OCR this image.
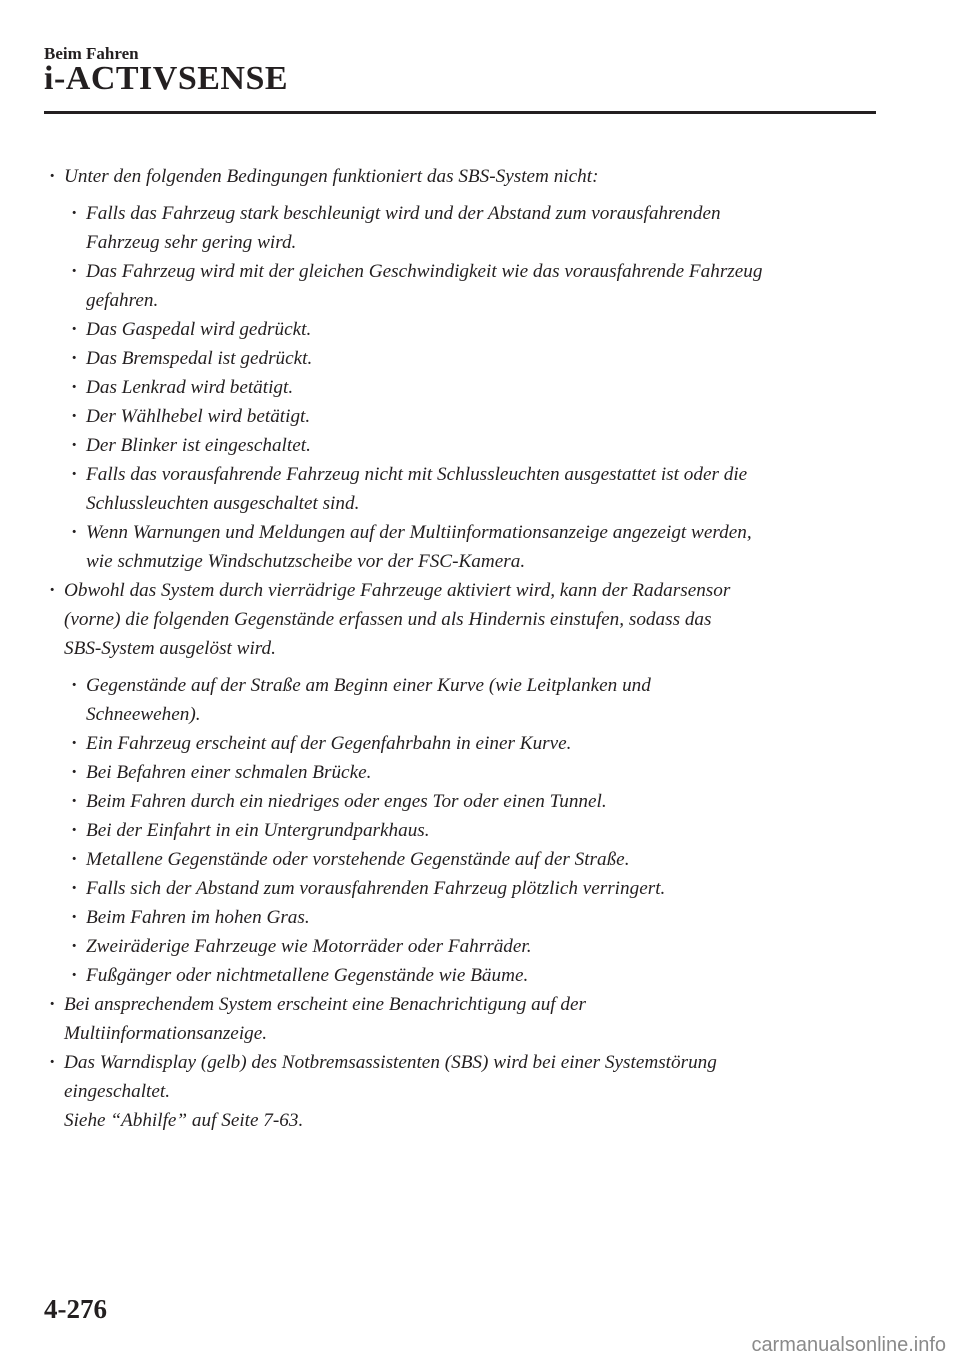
Beim Fahren
i-ACTIVSENSE
· Unter den folgenden Bedingungen funktioniert das SBS-System nicht:
· Falls das Fahrzeug stark beschleunigt wird und der Abstand zum vorausfahrenden
Fahrzeug sehr gering wird.
· Das Fahrzeug wird mit der gleichen Geschwindigkeit wie das vorausfahrende Fahrzeug
gefahren.
· Das Gaspedal wird gedrückt.
· Das Bremspedal ist gedrückt.
· Das Lenkrad wird betätigt.
· Der Wählhebel wird betätigt.
· Der Blinker ist eingeschaltet.
· Falls das vorausfahrende Fahrzeug nicht mit Schlussleuchten ausgestattet ist oder die
Schlussleuchten ausgeschaltet sind.
· Wenn Warnungen und Meldungen auf der Multiinformationsanzeige angezeigt werden,
wie schmutzige Windschutzscheibe vor der FSC-Kamera.
· Obwohl das System durch vierrädrige Fahrzeuge aktiviert wird, kann der Radarsensor
(vorne) die folgenden Gegenstände erfassen und als Hindernis einstufen, sodass das
SBS-System ausgelöst wird.
· Gegenstände auf der Straße am Beginn einer Kurve (wie Leitplanken und
Schneewehen).
· Ein Fahrzeug erscheint auf der Gegenfahrbahn in einer Kurve.
· Bei Befahren einer schmalen Brücke.
· Beim Fahren durch ein niedriges oder enges Tor oder einen Tunnel.
· Bei der Einfahrt in ein Untergrundparkhaus.
· Metallene Gegenstände oder vorstehende Gegenstände auf der Straße.
· Falls sich der Abstand zum vorausfahrenden Fahrzeug plötzlich verringert.
· Beim Fahren im hohen Gras.
· Zweiräderige Fahrzeuge wie Motorräder oder Fahrräder.
· Fußgänger oder nichtmetallene Gegenstände wie Bäume.
· Bei ansprechendem System erscheint eine Benachrichtigung auf der
Multiinformationsanzeige.
· Das Warndisplay (gelb) des Notbremsassistenten (SBS) wird bei einer Systemstörung
eingeschaltet.
Siehe “Abhilfe” auf Seite 7-63.
4-276
carmanualsonline.info
